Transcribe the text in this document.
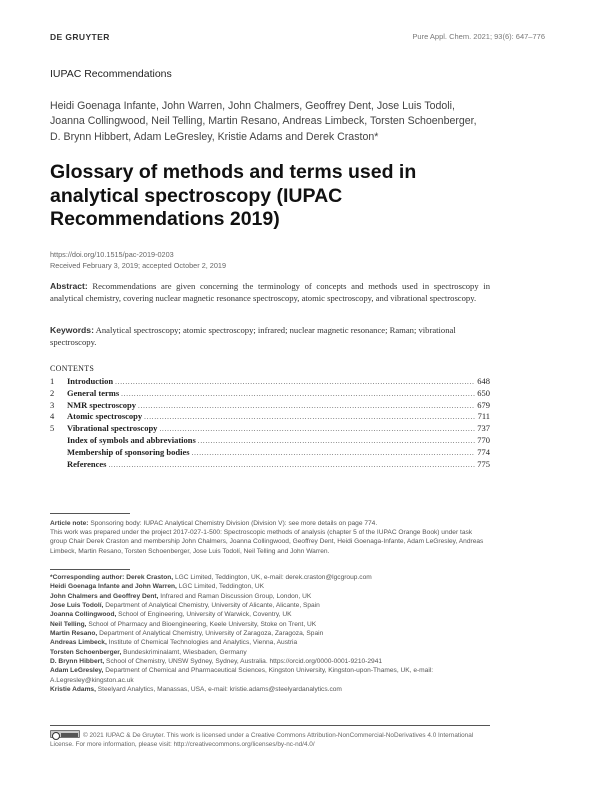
DE GRUYTER	Pure Appl. Chem. 2021; 93(6): 647–776
IUPAC Recommendations
Heidi Goenaga Infante, John Warren, John Chalmers, Geoffrey Dent, Jose Luis Todoli, Joanna Collingwood, Neil Telling, Martin Resano, Andreas Limbeck, Torsten Schoenberger, D. Brynn Hibbert, Adam LeGresley, Kristie Adams and Derek Craston*
Glossary of methods and terms used in analytical spectroscopy (IUPAC Recommendations 2019)
https://doi.org/10.1515/pac-2019-0203
Received February 3, 2019; accepted October 2, 2019

Abstract: Recommendations are given concerning the terminology of concepts and methods used in spectroscopy in analytical chemistry, covering nuclear magnetic resonance spectroscopy, atomic spectroscopy, and vibrational spectroscopy.

Keywords: Analytical spectroscopy; atomic spectroscopy; infrared; nuclear magnetic resonance; Raman; vibrational spectroscopy.

CONTENTS
1	Introduction .....	648
2	General terms .....	650
3	NMR spectroscopy .....	679
4	Atomic spectroscopy .....	711
5	Vibrational spectroscopy .....	737
Index of symbols and abbreviations .....	770
Membership of sponsoring bodies .....	774
References .....	775
Article note: Sponsoring body: IUPAC Analytical Chemistry Division (Division V): see more details on page 774.
This work was prepared under the project 2017-027-1-500: Spectroscopic methods of analysis (chapter 5 of the IUPAC Orange Book) under task group Chair Derek Craston and membership John Chalmers, Joanna Collingwood, Geoffrey Dent, Heidi Goenaga-Infante, Adam LeGresley, Andreas Limbeck, Martin Resano, Torsten Schoenberger, Jose Luis Todolí, Neil Telling and John Warren.
*Corresponding author: Derek Craston, LGC Limited, Teddington, UK, e-mail: derek.craston@lgcgroup.com
Heidi Goenaga Infante and John Warren, LGC Limited, Teddington, UK
John Chalmers and Geoffrey Dent, Infrared and Raman Discussion Group, London, UK
Jose Luis Todolí, Department of Analytical Chemistry, University of Alicante, Alicante, Spain
Joanna Collingwood, School of Engineering, University of Warwick, Coventry, UK
Neil Telling, School of Pharmacy and Bioengineering, Keele University, Stoke on Trent, UK
Martin Resano, Department of Analytical Chemistry, University of Zaragoza, Zaragoza, Spain
Andreas Limbeck, Institute of Chemical Technologies and Analytics, Vienna, Austria
Torsten Schoenberger, Bundeskriminalamt, Wiesbaden, Germany
D. Brynn Hibbert, School of Chemistry, UNSW Sydney, Sydney, Australia. https://orcid.org/0000-0001-9210-2941
Adam LeGresley, Department of Chemical and Pharmaceutical Sciences, Kingston University, Kingston-upon-Thames, UK, e-mail: A.Legresley@kingston.ac.uk
Kristie Adams, Steelyard Analytics, Manassas, USA, e-mail: kristie.adams@steelyardanalytics.com
© 2021 IUPAC & De Gruyter. This work is licensed under a Creative Commons Attribution-NonCommercial-NoDerivatives 4.0 International License. For more information, please visit: http://creativecommons.org/licenses/by-nc-nd/4.0/
